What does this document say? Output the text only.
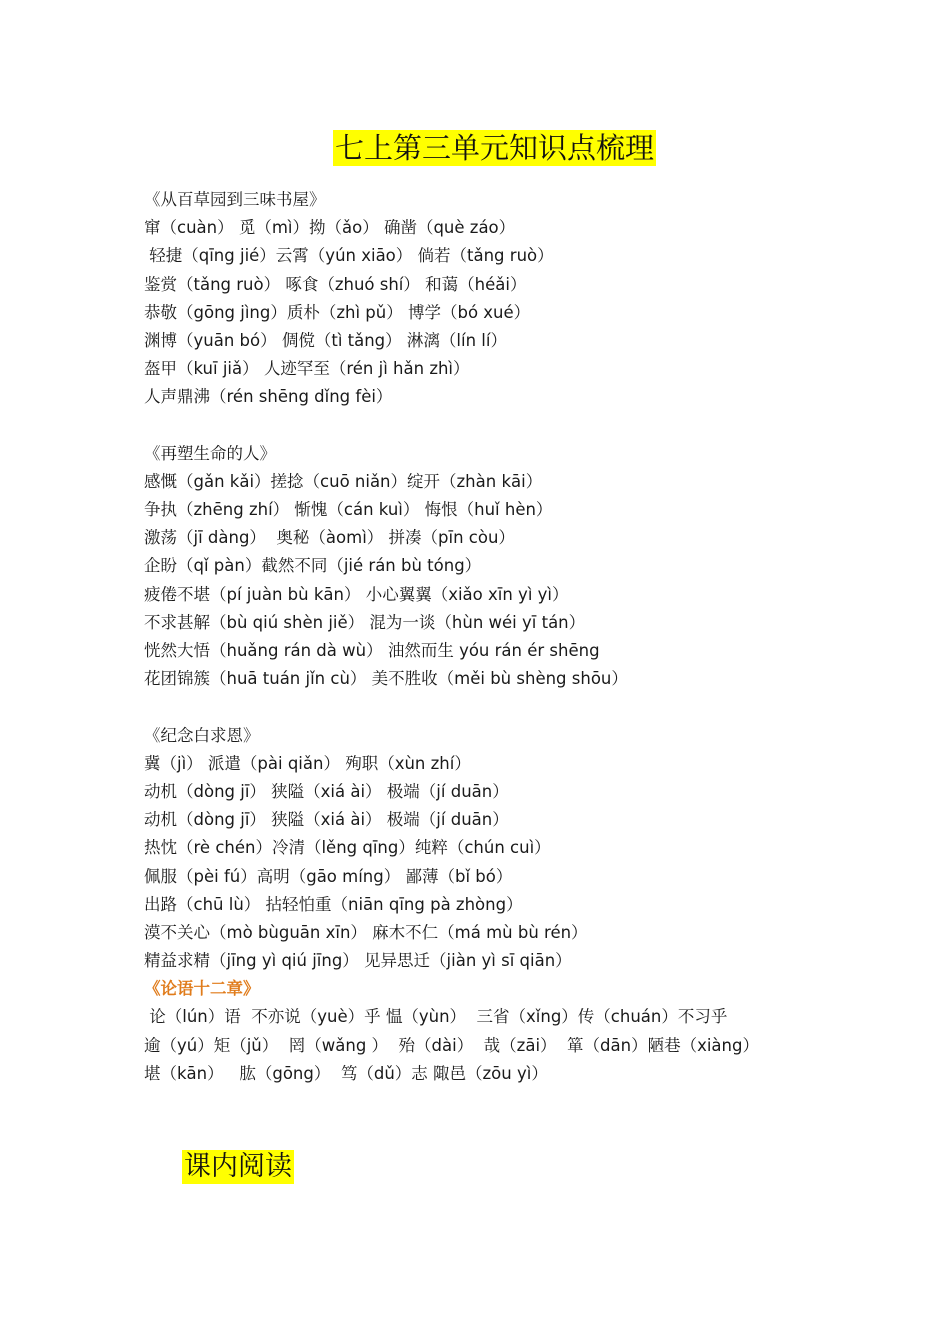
七上第三单元知识点梳理
《从百草园到三味书屋》
窜（cuàn） 觅（mì）拗（ǎo） 确凿（què záo）
轻捷（qīng jié）云霄（yún xiāo） 倘若（tǎng ruò）
鉴赏（tǎng ruò） 啄食（zhuó shí） 和蔼（héǎi）
恭敬（gōng jìng）质朴（zhì pǔ） 博学（bó xué）
渊博（yuān bó） 倜傥（tì tǎng） 淋漓（lín lí）
盔甲（kuī jiǎ） 人迹罕至（rén jì hǎn zhì）
人声鼎沸（rén shēng dǐng fèi）
《再塑生命的人》
感慨（gǎn kǎi）搓捻（cuō niǎn）绽开（zhàn kāi）
争执（zhēng zhí） 惭愧（cán kuì） 悔恨（huǐ hèn）
激荡（jī dàng）  奥秘（àomì） 拼凑（pīn còu）
企盼（qǐ pàn）截然不同（jié rán bù tóng）
疲倦不堪（pí juàn bù kān） 小心翼翼（xiǎo xīn yì yì）
不求甚解（bù qiú shèn jiě） 混为一谈（hùn wéi yī tán）
恍然大悟（huǎng rán dà wù） 油然而生 yóu rán ér shēng
花团锦簇（huā tuán jǐn cù） 美不胜收（měi bù shèng shōu）
《纪念白求恩》
冀（jì） 派遣（pài qiǎn） 殉职（xùn zhí）
动机（dòng jī） 狭隘（xiá ài） 极端（jí duān）
动机（dòng jī） 狭隘（xiá ài） 极端（jí duān）
热忱（rè chén）冷清（lěng qīng）纯粹（chún cuì）
佩服（pèi fú）高明（gāo míng） 鄙薄（bǐ bó）
出路（chū lù） 拈轻怕重（niān qīng pà zhòng）
漠不关心（mò bùguān xīn） 麻木不仁（má mù bù rén）
精益求精（jīng yì qiú jīng） 见异思迁（jiàn yì sī qiān）
《论语十二章》
论（lún）语  不亦说（yuè）乎 愠（yùn）  三省（xǐng）传（chuán）不习乎
逾（yú）矩（jǔ）  罔（wǎng ）  殆（dài）  哉（zāi）  箪（dān）陋巷（xiàng）
堪（kān）   肱（gōng）  笃（dǔ）志 陬邑（zōu yì）
课内阅读
